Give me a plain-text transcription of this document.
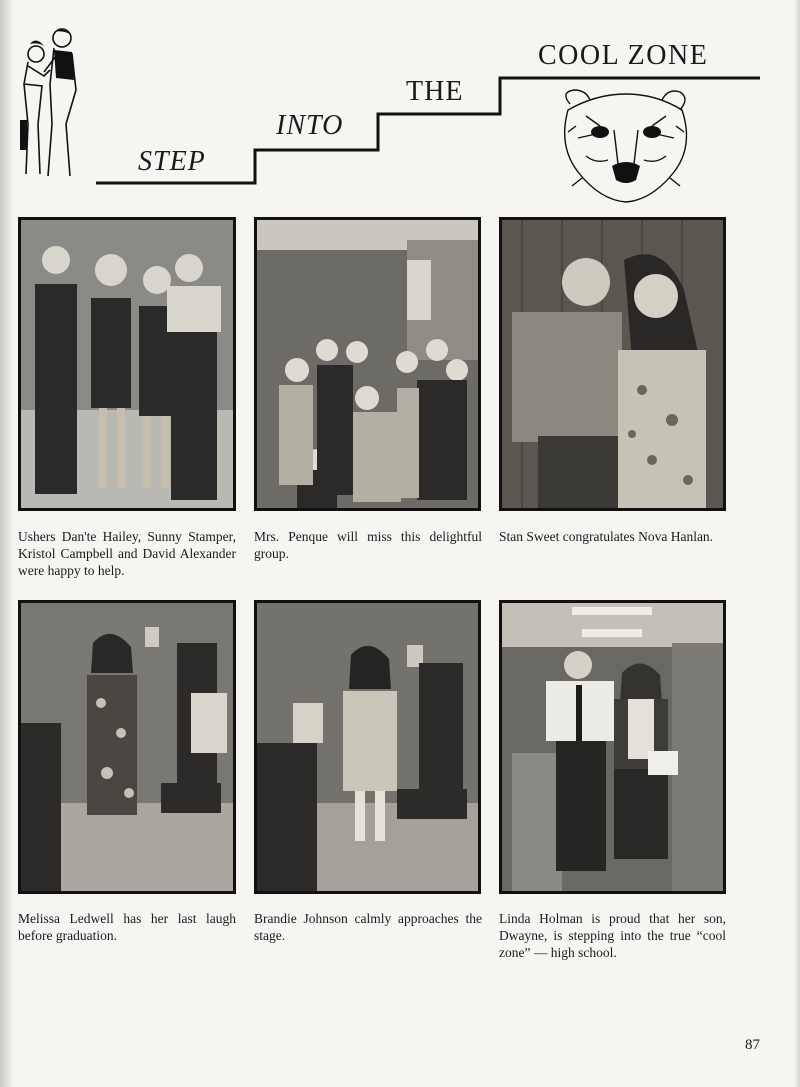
STEP
INTO
THE
COOL ZONE

Ushers Dan'te Hailey, Sunny Stamper, Kristol Campbell and David Alexander were happy to help.

Mrs. Penque will miss this delightful group.

Stan Sweet congratulates Nova Hanlan.

Melissa Ledwell has her last laugh before graduation.

Brandie Johnson calmly approaches the stage.

Linda Holman is proud that her son, Dwayne, is stepping into the true “cool zone” — high school.

87
